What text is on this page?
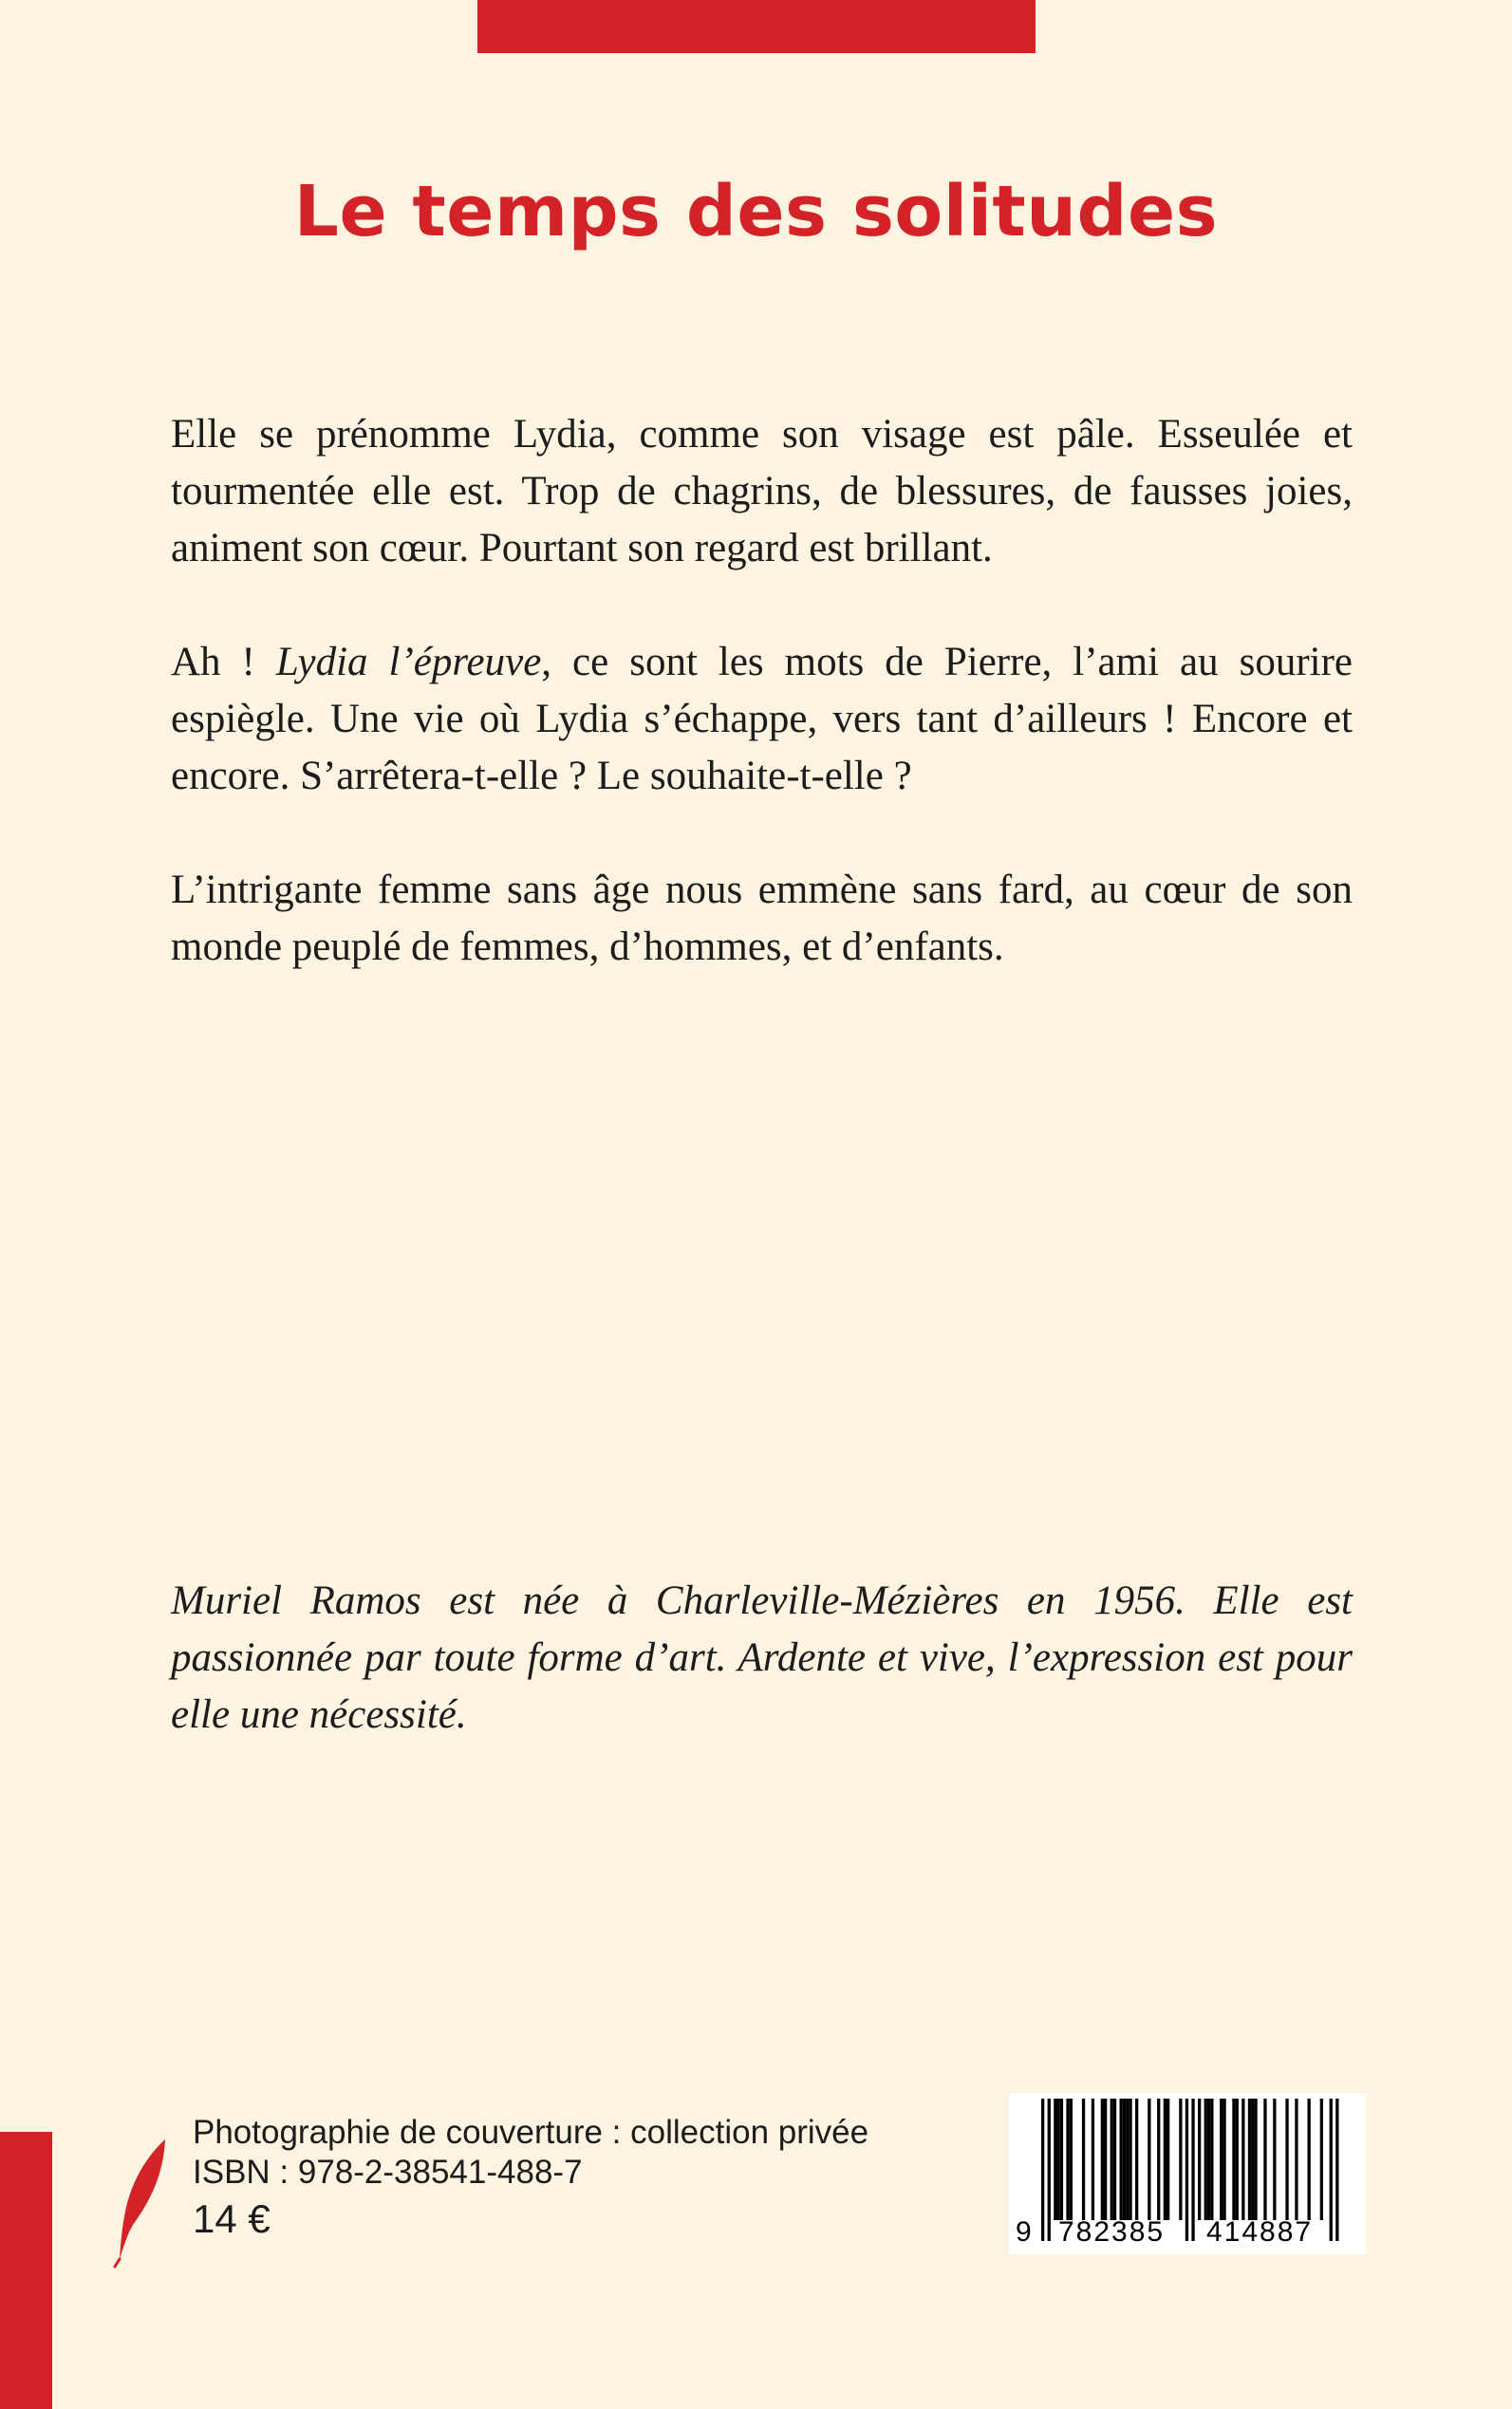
Le temps des solitudes

Elle se prénomme Lydia, comme son visage est pâle. Esseulée et tourmentée elle est. Trop de chagrins, de blessures, de fausses joies, animent son cœur. Pourtant son regard est brillant.

Ah ! Lydia l’épreuve, ce sont les mots de Pierre, l’ami au sourire espiègle. Une vie où Lydia s’échappe, vers tant d’ailleurs ! Encore et encore. S’arrêtera-t-elle ? Le souhaite-t-elle ?

L’intrigante femme sans âge nous emmène sans fard, au cœur de son monde peuplé de femmes, d’hommes, et d’enfants.

Muriel Ramos est née à Charleville-Mézières en 1956. Elle est passionnée par toute forme d’art. Ardente et vive, l’expression est pour elle une nécessité.

Photographie de couverture : collection privée
ISBN : 978-2-38541-488-7
14 €	9 782385 414887
